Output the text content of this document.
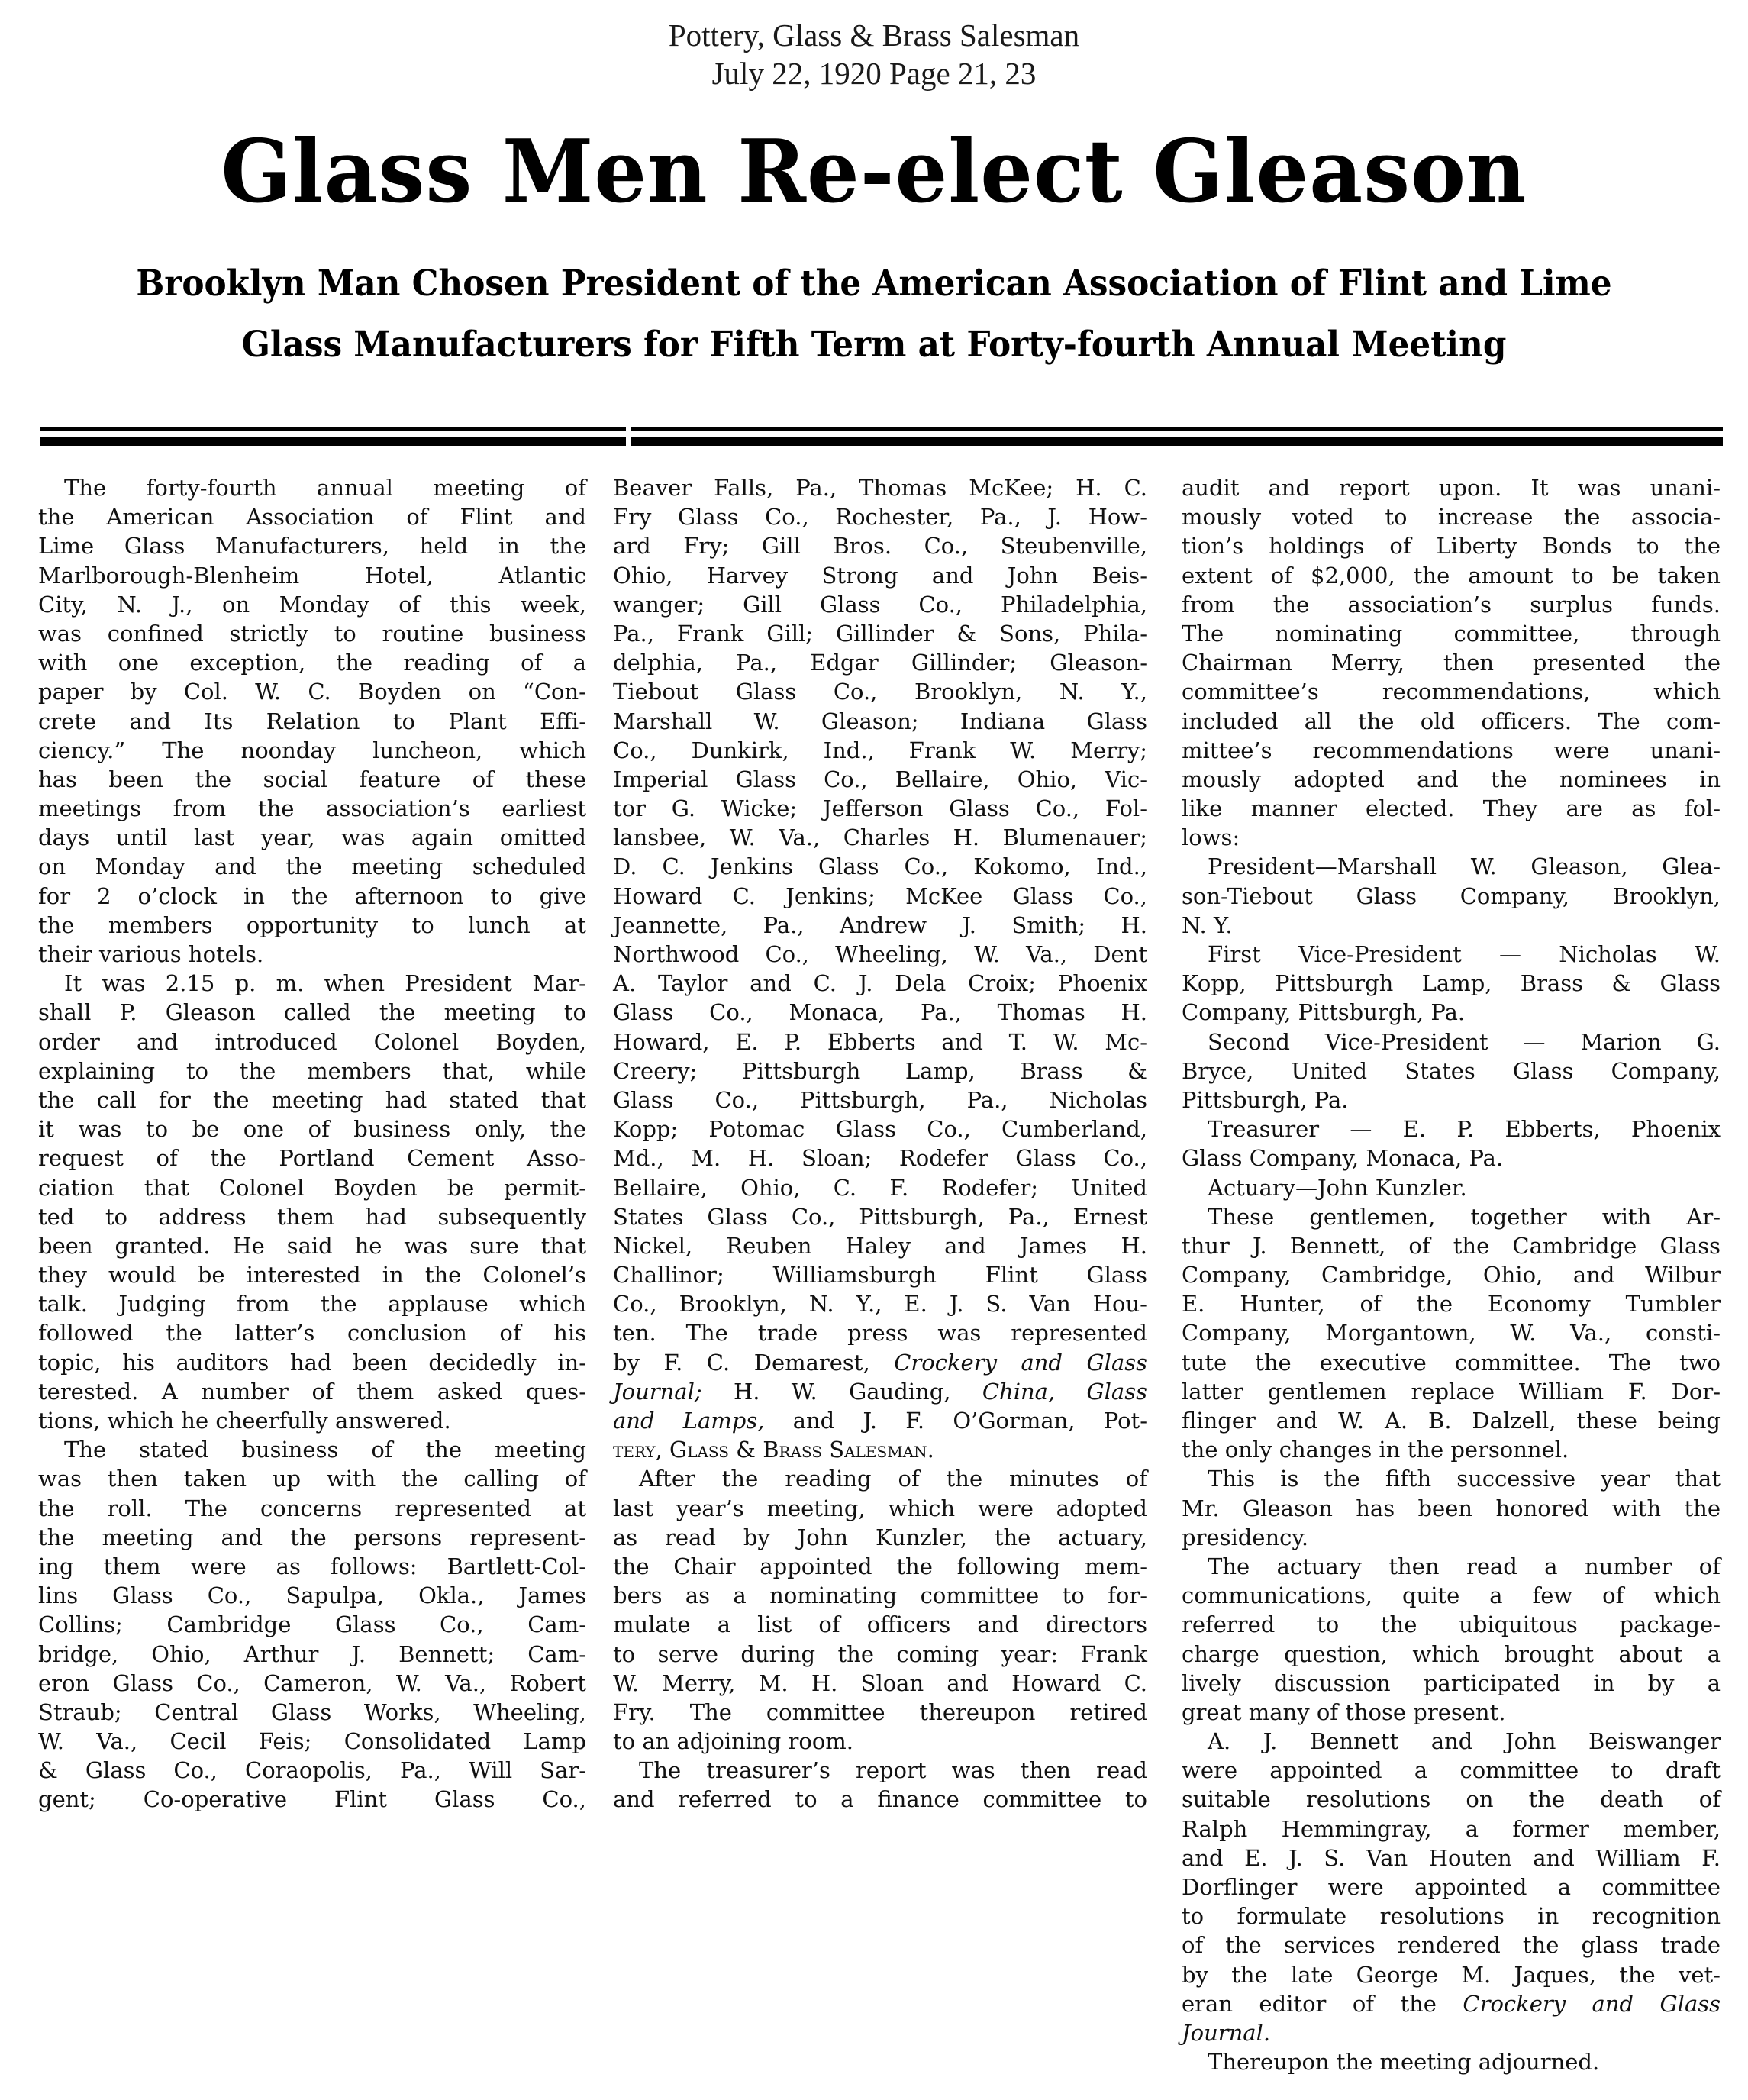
Pottery, Glass & Brass Salesman
July 22, 1920 Page 21, 23
Glass Men Re-elect Gleason
Brooklyn Man Chosen President of the American Association of Flint and Lime
Glass Manufacturers for Fifth Term at Forty-fourth Annual Meeting
The forty-fourth annual meeting of
the American Association of Flint and
Lime Glass Manufacturers, held in the
Marlborough-Blenheim Hotel, Atlantic
City, N. J., on Monday of this week,
was confined strictly to routine business
with one exception, the reading of a
paper by Col. W. C. Boyden on “Con-
crete and Its Relation to Plant Effi-
ciency.” The noonday luncheon, which
has been the social feature of these
meetings from the association’s earliest
days until last year, was again omitted
on Monday and the meeting scheduled
for 2 o’clock in the afternoon to give
the members opportunity to lunch at
their various hotels.
It was 2.15 p. m. when President Mar-
shall P. Gleason called the meeting to
order and introduced Colonel Boyden,
explaining to the members that, while
the call for the meeting had stated that
it was to be one of business only, the
request of the Portland Cement Asso-
ciation that Colonel Boyden be permit-
ted to address them had subsequently
been granted. He said he was sure that
they would be interested in the Colonel’s
talk. Judging from the applause which
followed the latter’s conclusion of his
topic, his auditors had been decidedly in-
terested. A number of them asked ques-
tions, which he cheerfully answered.
The stated business of the meeting
was then taken up with the calling of
the roll. The concerns represented at
the meeting and the persons represent-
ing them were as follows: Bartlett-Col-
lins Glass Co., Sapulpa, Okla., James
Collins; Cambridge Glass Co., Cam-
bridge, Ohio, Arthur J. Bennett; Cam-
eron Glass Co., Cameron, W. Va., Robert
Straub; Central Glass Works, Wheeling,
W. Va., Cecil Feis; Consolidated Lamp
& Glass Co., Coraopolis, Pa., Will Sar-
gent; Co-operative Flint Glass Co.,
Beaver Falls, Pa., Thomas McKee; H. C.
Fry Glass Co., Rochester, Pa., J. How-
ard Fry; Gill Bros. Co., Steubenville,
Ohio, Harvey Strong and John Beis-
wanger; Gill Glass Co., Philadelphia,
Pa., Frank Gill; Gillinder & Sons, Phila-
delphia, Pa., Edgar Gillinder; Gleason-
Tiebout Glass Co., Brooklyn, N. Y.,
Marshall W. Gleason; Indiana Glass
Co., Dunkirk, Ind., Frank W. Merry;
Imperial Glass Co., Bellaire, Ohio, Vic-
tor G. Wicke; Jefferson Glass Co., Fol-
lansbee, W. Va., Charles H. Blumenauer;
D. C. Jenkins Glass Co., Kokomo, Ind.,
Howard C. Jenkins; McKee Glass Co.,
Jeannette, Pa., Andrew J. Smith; H.
Northwood Co., Wheeling, W. Va., Dent
A. Taylor and C. J. Dela Croix; Phoenix
Glass Co., Monaca, Pa., Thomas H.
Howard, E. P. Ebberts and T. W. Mc-
Creery; Pittsburgh Lamp, Brass &
Glass Co., Pittsburgh, Pa., Nicholas
Kopp; Potomac Glass Co., Cumberland,
Md., M. H. Sloan; Rodefer Glass Co.,
Bellaire, Ohio, C. F. Rodefer; United
States Glass Co., Pittsburgh, Pa., Ernest
Nickel, Reuben Haley and James H.
Challinor; Williamsburgh Flint Glass
Co., Brooklyn, N. Y., E. J. S. Van Hou-
ten. The trade press was represented
by F. C. Demarest, Crockery and Glass
Journal; H. W. Gauding, China, Glass
and Lamps, and J. F. O’Gorman, Pot-
tery, Glass & Brass Salesman.
After the reading of the minutes of
last year’s meeting, which were adopted
as read by John Kunzler, the actuary,
the Chair appointed the following mem-
bers as a nominating committee to for-
mulate a list of officers and directors
to serve during the coming year: Frank
W. Merry, M. H. Sloan and Howard C.
Fry. The committee thereupon retired
to an adjoining room.
The treasurer’s report was then read
and referred to a finance committee to
audit and report upon. It was unani-
mously voted to increase the associa-
tion’s holdings of Liberty Bonds to the
extent of $2,000, the amount to be taken
from the association’s surplus funds.
The nominating committee, through
Chairman Merry, then presented the
committee’s recommendations, which
included all the old officers. The com-
mittee’s recommendations were unani-
mously adopted and the nominees in
like manner elected. They are as fol-
lows:
President—Marshall W. Gleason, Glea-
son-Tiebout Glass Company, Brooklyn,
N. Y.
First Vice-President — Nicholas W.
Kopp, Pittsburgh Lamp, Brass & Glass
Company, Pittsburgh, Pa.
Second Vice-President — Marion G.
Bryce, United States Glass Company,
Pittsburgh, Pa.
Treasurer — E. P. Ebberts, Phoenix
Glass Company, Monaca, Pa.
Actuary—John Kunzler.
These gentlemen, together with Ar-
thur J. Bennett, of the Cambridge Glass
Company, Cambridge, Ohio, and Wilbur
E. Hunter, of the Economy Tumbler
Company, Morgantown, W. Va., consti-
tute the executive committee. The two
latter gentlemen replace William F. Dor-
flinger and W. A. B. Dalzell, these being
the only changes in the personnel.
This is the fifth successive year that
Mr. Gleason has been honored with the
presidency.
The actuary then read a number of
communications, quite a few of which
referred to the ubiquitous package-
charge question, which brought about a
lively discussion participated in by a
great many of those present.
A. J. Bennett and John Beiswanger
were appointed a committee to draft
suitable resolutions on the death of
Ralph Hemmingray, a former member,
and E. J. S. Van Houten and William F.
Dorflinger were appointed a committee
to formulate resolutions in recognition
of the services rendered the glass trade
by the late George M. Jaques, the vet-
eran editor of the Crockery and Glass
Journal.
Thereupon the meeting adjourned.
